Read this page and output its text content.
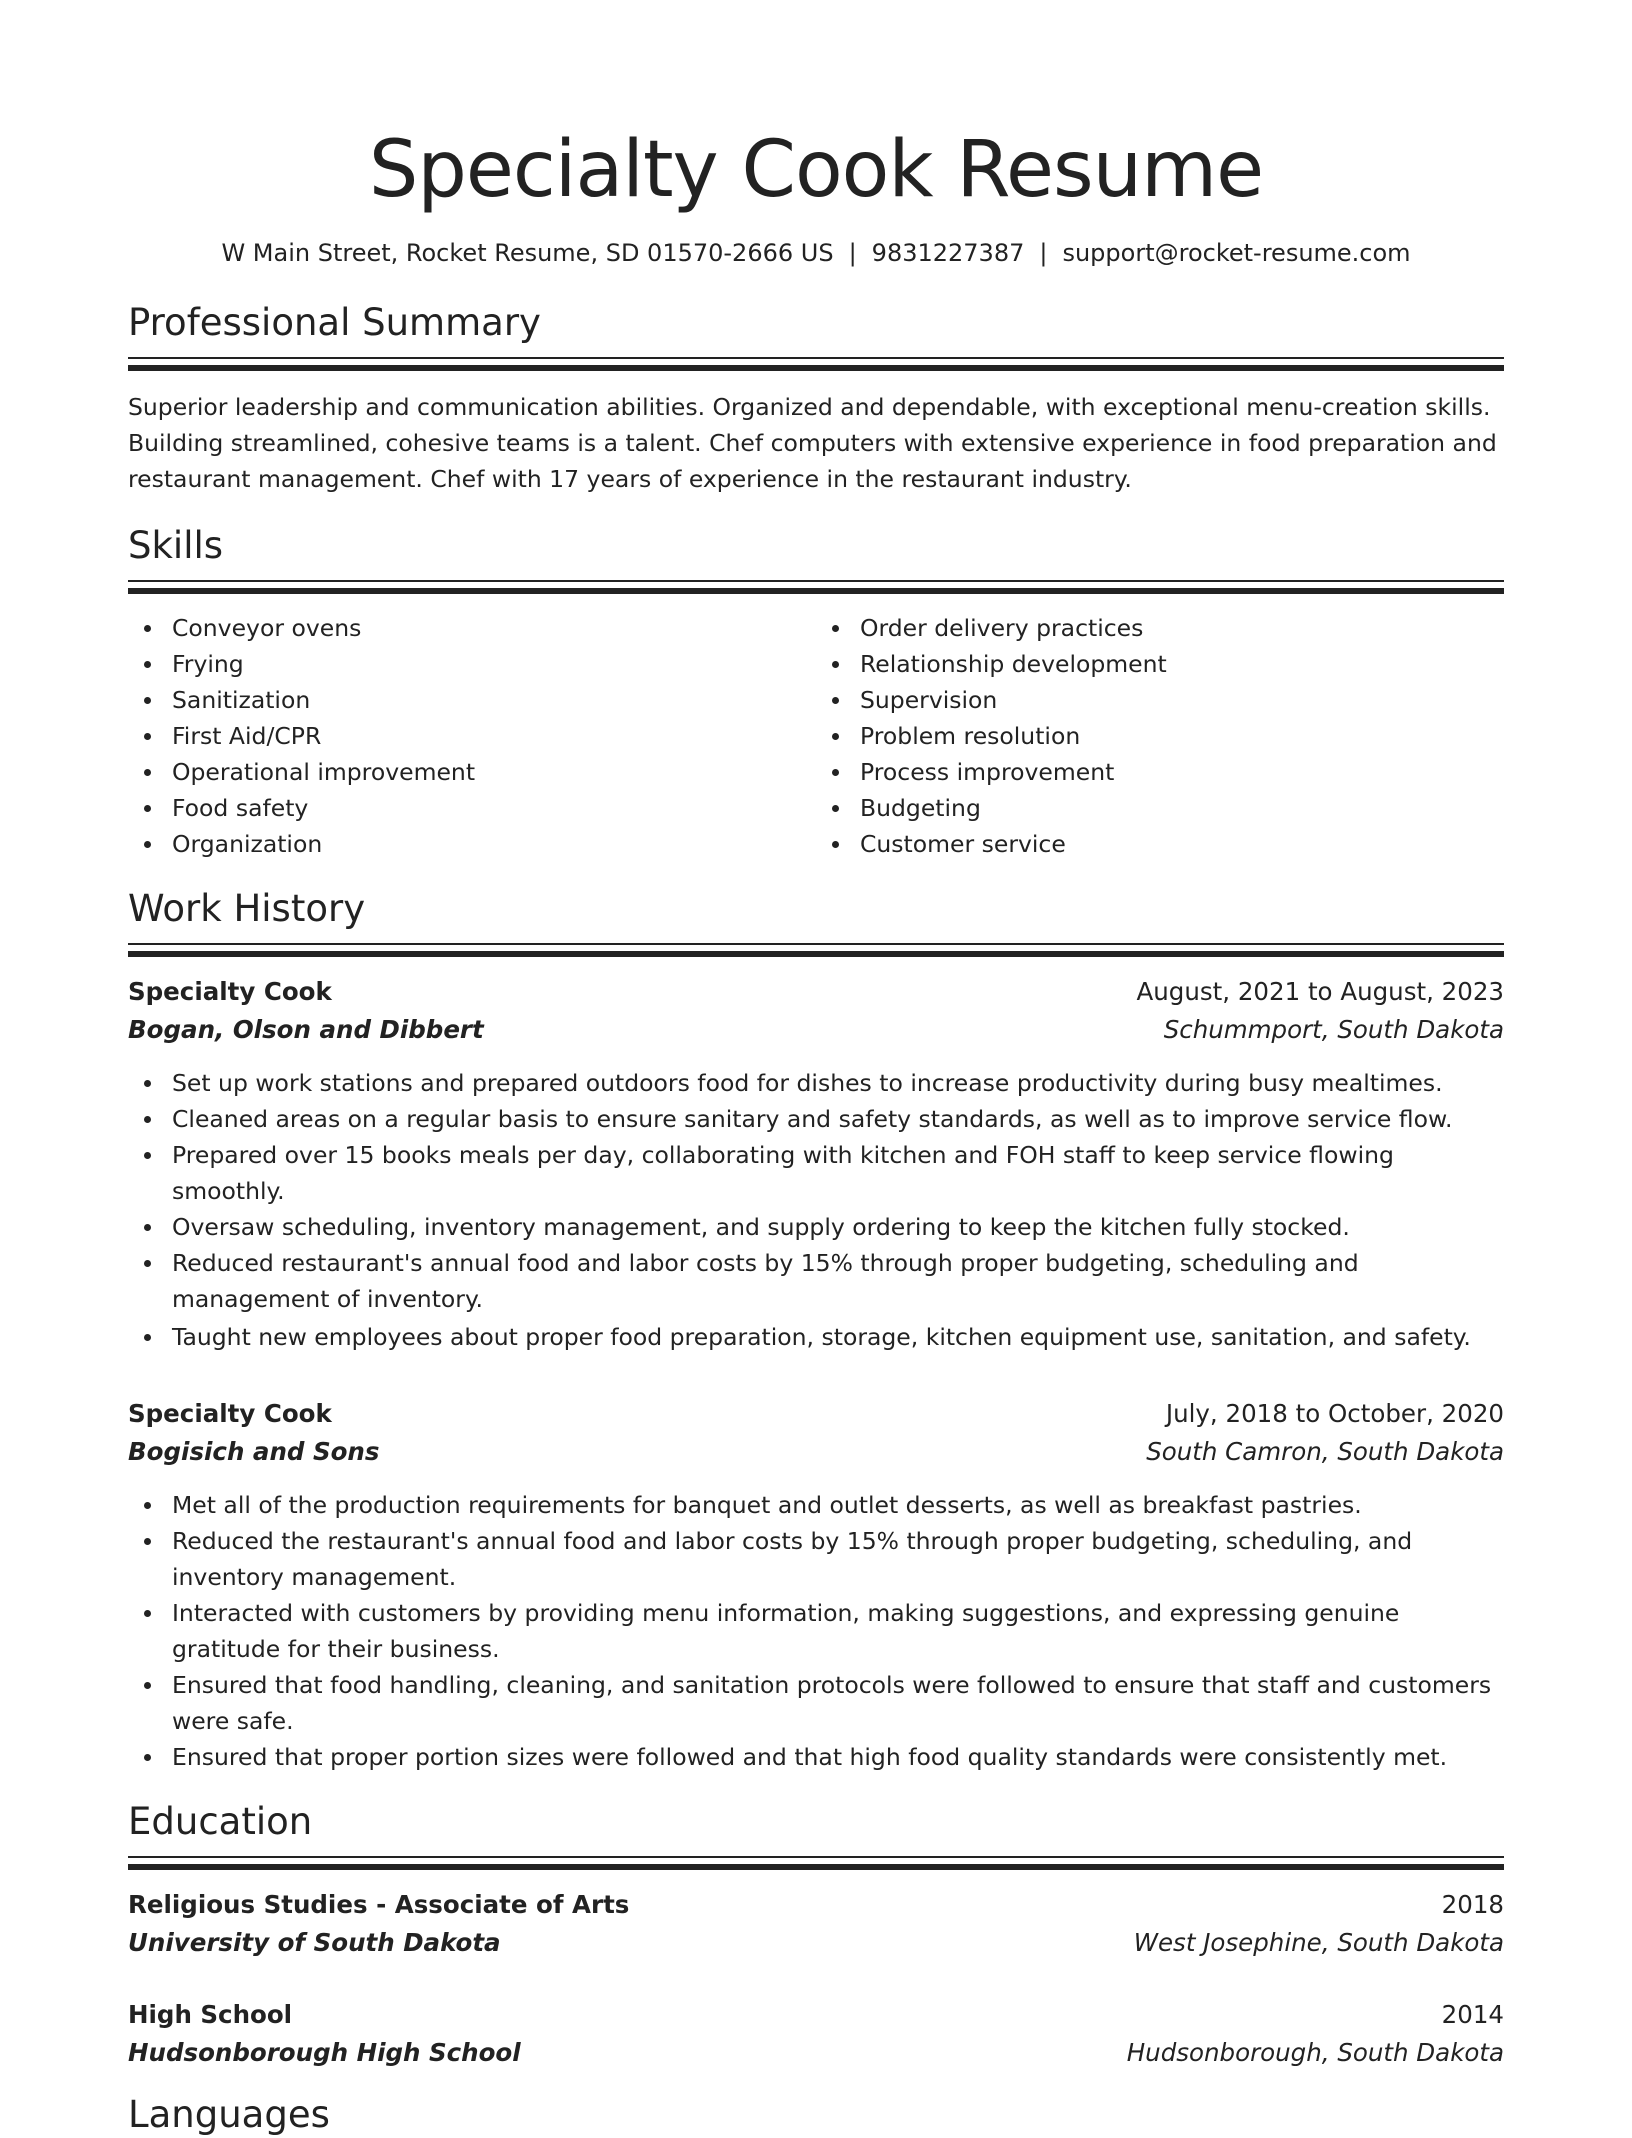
Specialty Cook Resume
W Main Street, Rocket Resume, SD 01570-2666 US | 9831227387 | support@rocket-resume.com
Professional Summary

Superior leadership and communication abilities. Organized and dependable, with exceptional menu-creation skills. Building streamlined, cohesive teams is a talent. Chef computers with extensive experience in food preparation and restaurant management. Chef with 17 years of experience in the restaurant industry.

Skills
Conveyor ovens
Frying
Sanitization
First Aid/CPR
Operational improvement
Food safety
Organization
Order delivery practices
Relationship development
Supervision
Problem resolution
Process improvement
Budgeting
Customer service
Work History
Specialty Cook	August, 2021 to August, 2023
Bogan, Olson and Dibbert	Schummport, South Dakota
Set up work stations and prepared outdoors food for dishes to increase productivity during busy mealtimes.
Cleaned areas on a regular basis to ensure sanitary and safety standards, as well as to improve service flow.
Prepared over 15 books meals per day, collaborating with kitchen and FOH staff to keep service flowing smoothly.
Oversaw scheduling, inventory management, and supply ordering to keep the kitchen fully stocked.
Reduced restaurant's annual food and labor costs by 15% through proper budgeting, scheduling and management of inventory.
Taught new employees about proper food preparation, storage, kitchen equipment use, sanitation, and safety.
Specialty Cook	July, 2018 to October, 2020
Bogisich and Sons	South Camron, South Dakota
Met all of the production requirements for banquet and outlet desserts, as well as breakfast pastries.
Reduced the restaurant's annual food and labor costs by 15% through proper budgeting, scheduling, and inventory management.
Interacted with customers by providing menu information, making suggestions, and expressing genuine gratitude for their business.
Ensured that food handling, cleaning, and sanitation protocols were followed to ensure that staff and customers were safe.
Ensured that proper portion sizes were followed and that high food quality standards were consistently met.
Education
Religious Studies - Associate of Arts	2018
University of South Dakota	West Josephine, South Dakota
High School	2014
Hudsonborough High School	Hudsonborough, South Dakota
Languages
